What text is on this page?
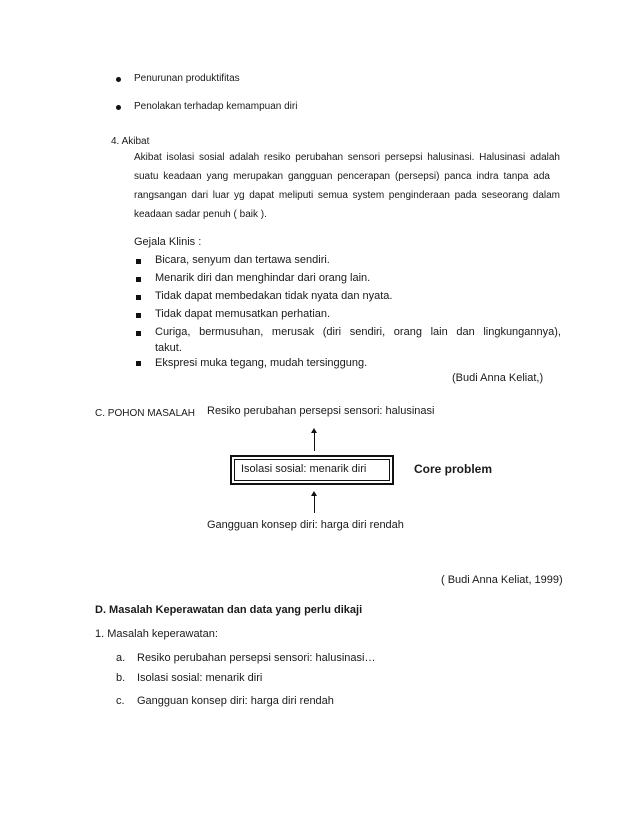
Penurunan produktifitas
Penolakan terhadap kemampuan diri
4. Akibat
Akibat isolasi sosial adalah resiko perubahan sensori persepsi halusinasi. Halusinasi adalah
suatu keadaan yang merupakan gangguan pencerapan (persepsi) panca indra tanpa ada
rangsangan dari luar yg dapat meliputi semua system penginderaan pada seseorang dalam
keadaan sadar penuh ( baik ).
Gejala Klinis :
Bicara, senyum dan tertawa sendiri.
Menarik diri dan menghindar dari orang lain.
Tidak dapat membedakan tidak nyata dan nyata.
Tidak dapat memusatkan perhatian.
Curiga, bermusuhan, merusak (diri sendiri, orang lain dan lingkungannya),
takut.
Ekspresi muka tegang, mudah tersinggung.
(Budi Anna Keliat,)
C. POHON MASALAH Resiko perubahan persepsi sensori: halusinasi
Isolasi sosial: menarik diri	Core problem
Gangguan konsep diri: harga diri rendah
( Budi Anna Keliat, 1999)
D. Masalah Keperawatan dan data yang perlu dikaji
1. Masalah keperawatan:
a. Resiko perubahan persepsi sensori: halusinasi…
b. Isolasi sosial: menarik diri
c. Gangguan konsep diri: harga diri rendah
